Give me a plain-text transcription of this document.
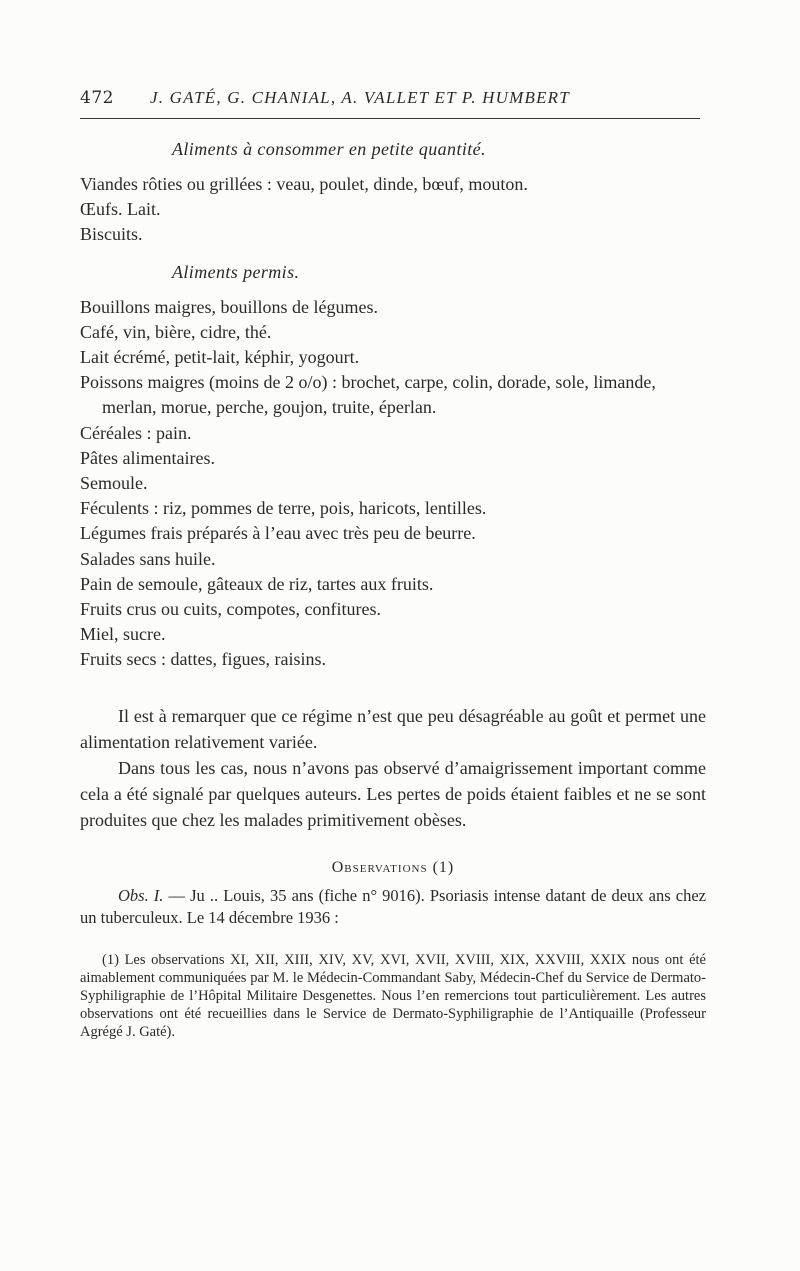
472	J. GATÉ, G. CHANIAL, A. VALLET ET P. HUMBERT
Aliments à consommer en petite quantité.
Viandes rôties ou grillées : veau, poulet, dinde, bœuf, mouton.
Œufs. Lait.
Biscuits.
Aliments permis.
Bouillons maigres, bouillons de légumes.
Café, vin, bière, cidre, thé.
Lait écrémé, petit-lait, képhir, yogourt.
Poissons maigres (moins de 2 o/o) : brochet, carpe, colin, dorade, sole, limande, merlan, morue, perche, goujon, truite, éperlan.
Céréales : pain.
Pâtes alimentaires.
Semoule.
Féculents : riz, pommes de terre, pois, haricots, lentilles.
Légumes frais préparés à l’eau avec très peu de beurre.
Salades sans huile.
Pain de semoule, gâteaux de riz, tartes aux fruits.
Fruits crus ou cuits, compotes, confitures.
Miel, sucre.
Fruits secs : dattes, figues, raisins.

Il est à remarquer que ce régime n’est que peu désagréable au goût et permet une alimentation relativement variée.

Dans tous les cas, nous n’avons pas observé d’amaigrissement important comme cela a été signalé par quelques auteurs. Les pertes de poids étaient faibles et ne se sont produites que chez les malades primitivement obèses.

Observations (1)

Obs. I. — Ju .. Louis, 35 ans (fiche n° 9016). Psoriasis intense datant de deux ans chez un tuberculeux. Le 14 décembre 1936 :

(1) Les observations XI, XII, XIII, XIV, XV, XVI, XVII, XVIII, XIX, XXVIII, XXIX nous ont été aimablement communiquées par M. le Médecin-Commandant Saby, Médecin-Chef du Service de Dermato-Syphiligraphie de l’Hôpital Militaire Desgenettes. Nous l’en remercions tout particulièrement. Les autres observations ont été recueillies dans le Service de Dermato-Syphiligraphie de l’Antiquaille (Professeur Agrégé J. Gaté).
